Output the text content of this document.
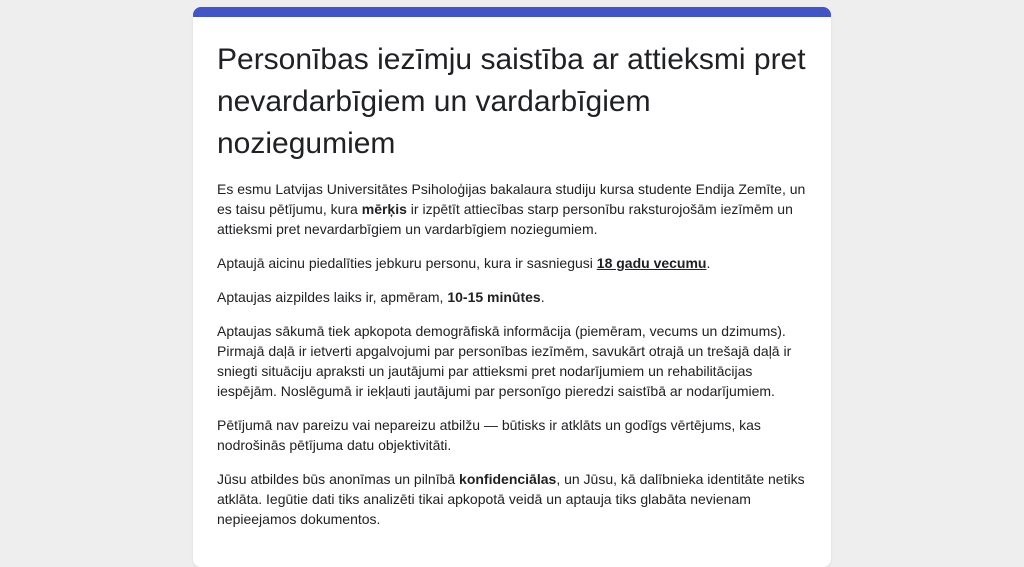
Personības iezīmju saistība ar attieksmi pret nevardarbīgiem un vardarbīgiem noziegumiem

Es esmu Latvijas Universitātes Psiholoģijas bakalaura studiju kursa studente Endija Zemīte, un es taisu pētījumu, kura mērķis ir izpētīt attiecības starp personību raksturojošām iezīmēm un attieksmi pret nevardarbīgiem un vardarbīgiem noziegumiem.

Aptaujā aicinu piedalīties jebkuru personu, kura ir sasniegusi 18 gadu vecumu.

Aptaujas aizpildes laiks ir, apmēram, 10-15 minūtes.

Aptaujas sākumā tiek apkopota demogrāfiskā informācija (piemēram, vecums un dzimums). Pirmajā daļā ir ietverti apgalvojumi par personības iezīmēm, savukārt otrajā un trešajā daļā ir sniegti situāciju apraksti un jautājumi par attieksmi pret nodarījumiem un rehabilitācijas iespējām. Noslēgumā ir iekļauti jautājumi par personīgo pieredzi saistībā ar nodarījumiem.

Pētījumā nav pareizu vai nepareizu atbilžu — būtisks ir atklāts un godīgs vērtējums, kas nodrošinās pētījuma datu objektivitāti.

Jūsu atbildes būs anonīmas un pilnībā konfidenciālas, un Jūsu, kā dalībnieka identitāte netiks atklāta. Iegūtie dati tiks analizēti tikai apkopotā veidā un aptauja tiks glabāta nevienam nepieejamos dokumentos.
